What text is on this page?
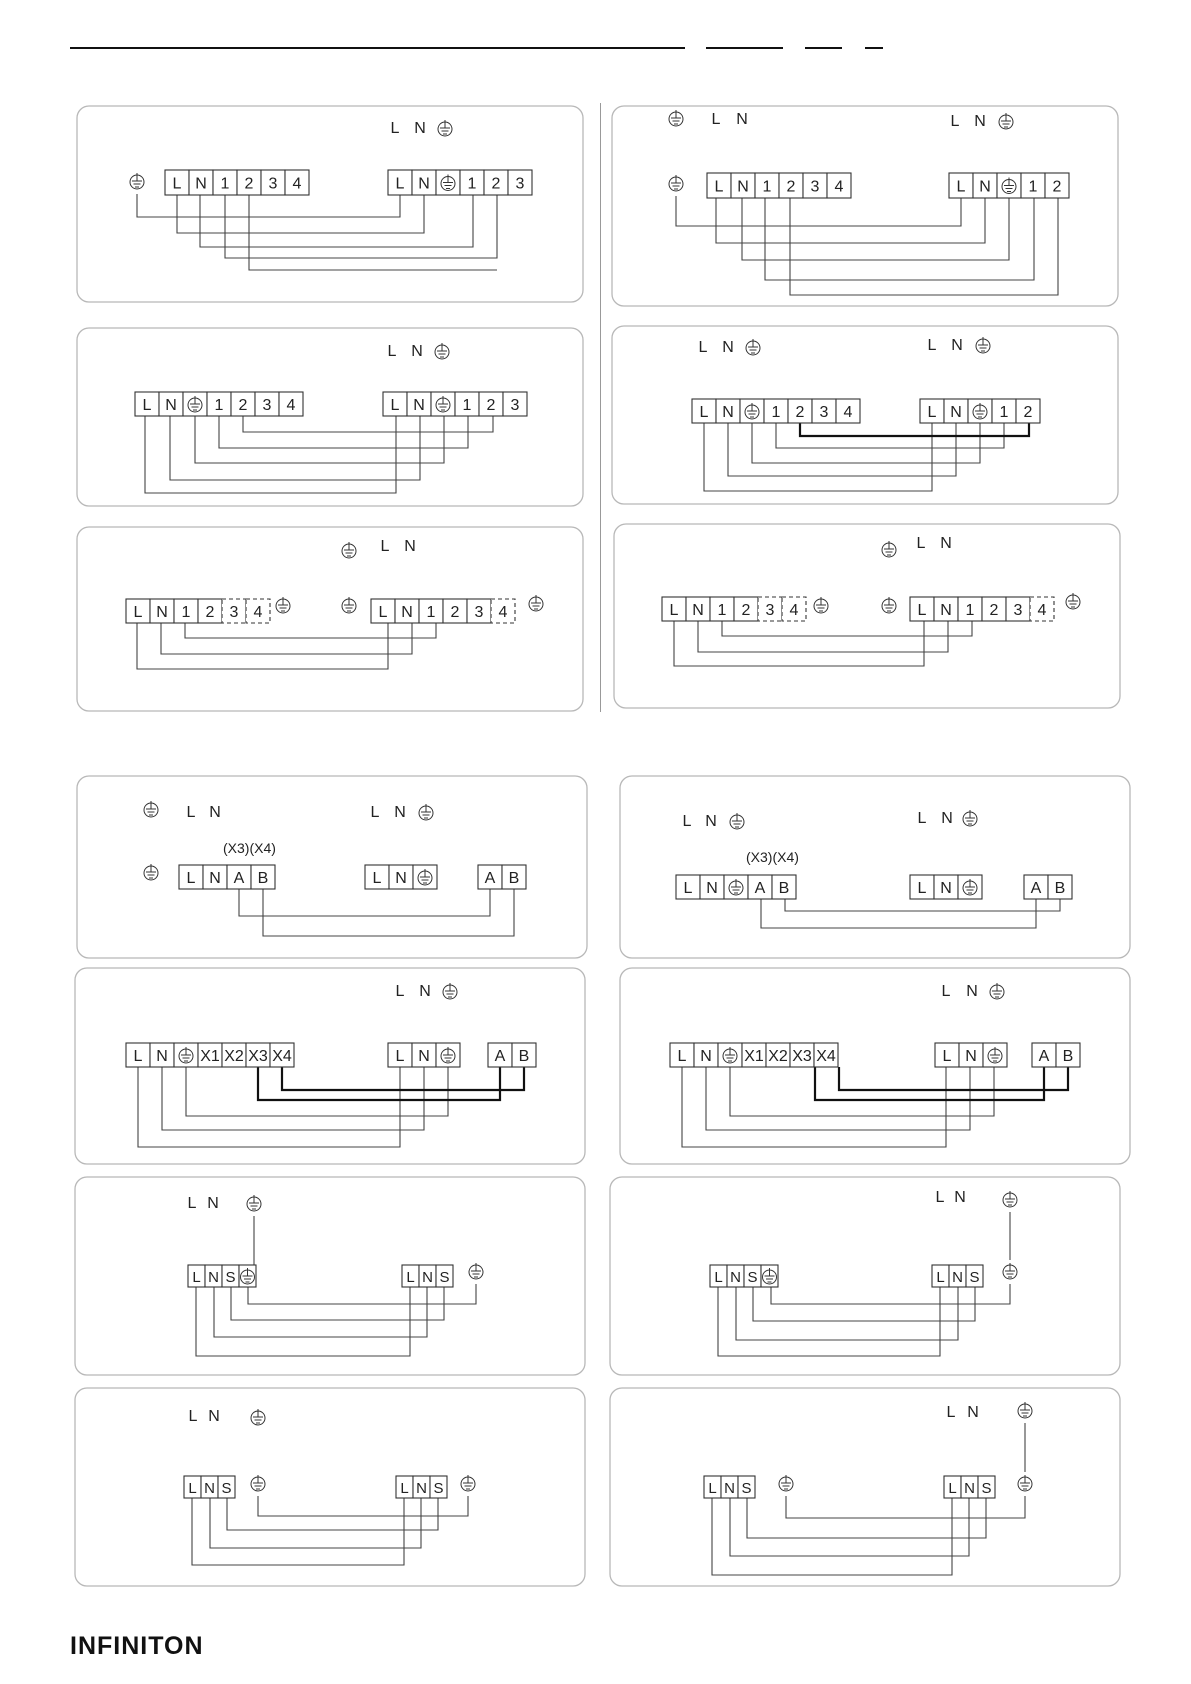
L N 1 2 3 4	L N 1 2 3
L N
L N 1 2 3 4	L N 1 2
L N	L N
L N 1 2 3 4	L N 1 2 3
L N
L N 1 2 3 4	L N 1 2
L N	L N
L N 1 2 3 4	L N 1 2 3 4
L N
L N 1 2 3 4	L N 1 2 3 4
L N
L N A B	L N	A B
L N	L N
(X3)(X4)
L N A B	L N	A B
L N	L N
(X3)(X4)
L N X1 X2 X3 X4	L N	A B
L N
L N X1 X2 X3 X4	L N	A B
L N
L N S	L N S
L N
L N S	L N S
L N
L N S	L N S
L N
L N S	L N S
L N
INFINITON
